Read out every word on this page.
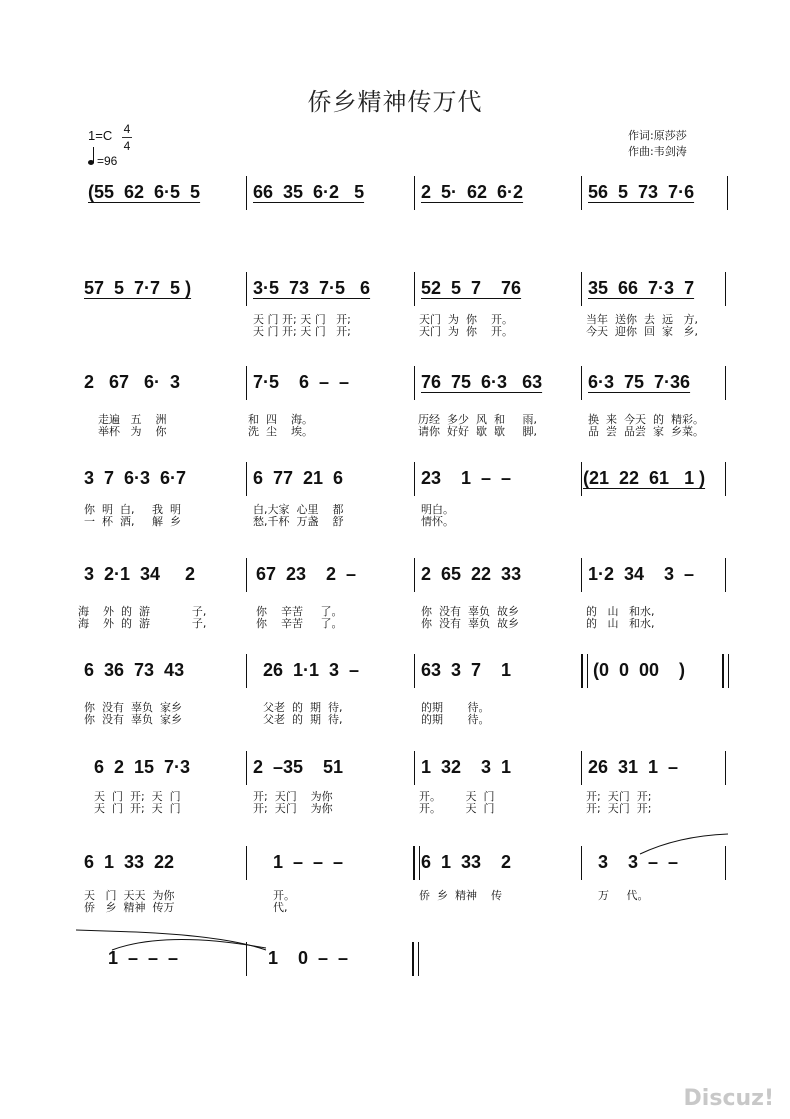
侨乡精神传万代
1=C 4
4
=96
作词:原莎莎
作曲:韦剑涛
(55  62  6·5  5	66  35  6·2   5	2  5·  62  6·2	56  5  73  7·6
57  5  7·7  5 )	3·5  73  7·5   6	52  5  7    76	35  66  7·3  7
天 门 开; 天 门   开;
天 门 开; 天 门   开;
天门  为  你    开。
天门  为  你    开。
当年  送你  去  远   方,
今天  迎你  回  家   乡,
2   67   6·  3	7·5    6  –  –	76  75  6·3   63	6·3  75  7·36
走遍   五    洲
举杯   为    你
和  四    海。
洗  尘    埃。
历经  多少  风  和     雨,
请你  好好  歇  歇     脚,
换  来  今天  的  精彩。
品  尝  品尝  家  乡菜。
3  7  6·3  6·7	6  77  21  6	23    1  –  –	(21  22  61   1 )
你  明  白,     我  明
一  杯  酒,     解  乡
白,大家  心里    都
愁,千杯  万盏    舒
明白。
情怀。
3  2·1  34     2	67  23    2  –	2  65  22  33	1·2  34    3  –
海    外  的  游            子,
海    外  的  游            子,
你    辛苦     了。
你    辛苦     了。
你  没有  辜负  故乡
你  没有  辜负  故乡
的   山   和水,
的   山   和水,
6  36  73  43	26  1·1  3  –	63  3  7    1	(0  0  00    )
你  没有  辜负  家乡
你  没有  辜负  家乡
父老  的  期  待,
父老  的  期  待,
的期       待。
的期       待。
6  2  15  7·3	2  –35    51	1  32    3  1	26  31  1  –
天  门  开;  天  门
天  门  开;  天  门
开;  天门    为你
开;  天门    为你
开。       天  门
开。       天  门
开;  天门  开;
开;  天门  开;
6  1  33  22	1  –  –  –	6  1  33    2	3    3  –  –
天   门  天天  为你
侨   乡  精神  传万
开。
代,
侨  乡  精神    传	万     代。
1  –  –  –	1    0  –  –
Discuz!
